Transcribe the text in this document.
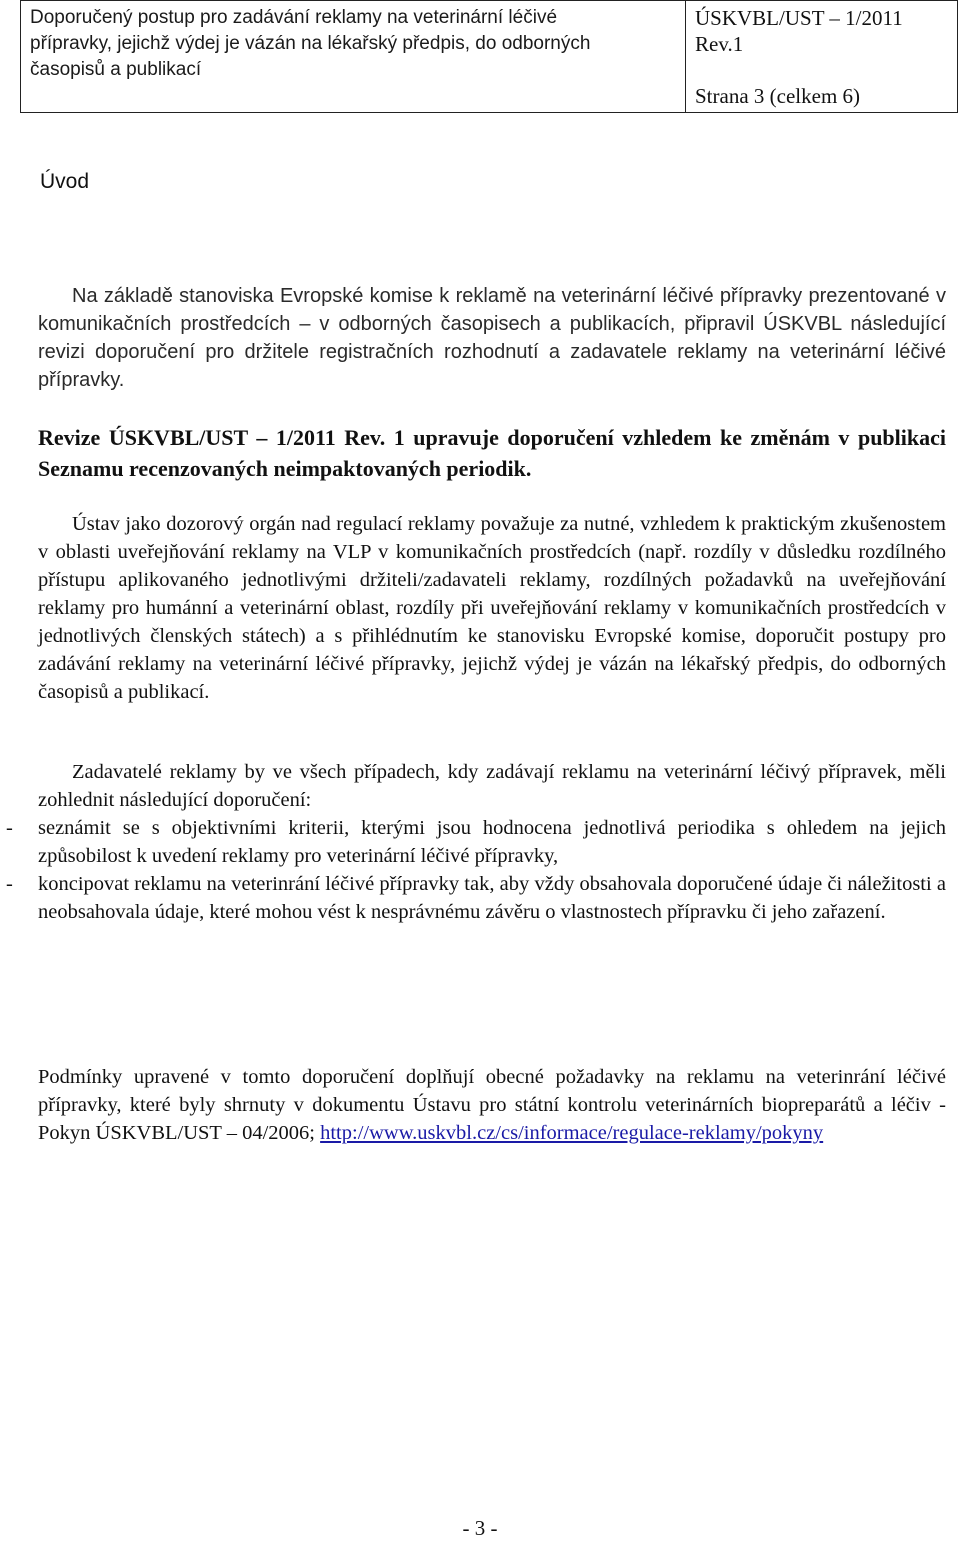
Doporučený postup pro zadávání reklamy na veterinární léčivé
přípravky, jejichž výdej je vázán na lékařský předpis, do odborných
časopisů a publikací
ÚSKVBL/UST – 1/2011
Rev.1
Strana 3 (celkem 6)
Úvod
Na základě stanoviska Evropské komise k reklamě na veterinární léčivé přípravky prezentované v komunikačních prostředcích – v odborných časopisech a publikacích, připravil ÚSKVBL následující revizi doporučení pro držitele registračních rozhodnutí a zadavatele reklamy na veterinární léčivé přípravky.
Revize ÚSKVBL/UST – 1/2011 Rev. 1 upravuje doporučení vzhledem ke změnám v publikaci Seznamu recenzovaných neimpaktovaných periodik.
Ústav jako dozorový orgán nad regulací reklamy považuje za nutné, vzhledem k praktickým zkušenostem v oblasti uveřejňování reklamy na VLP v komunikačních prostředcích (např. rozdíly v důsledku rozdílného přístupu aplikovaného jednotlivými držiteli/zadavateli reklamy, rozdílných požadavků na uveřejňování reklamy pro humánní a veterinární oblast, rozdíly při uveřejňování reklamy v komunikačních prostředcích v jednotlivých členských státech) a s přihlédnutím ke stanovisku Evropské komise, doporučit postupy pro zadávání reklamy na veterinární léčivé přípravky, jejichž výdej je vázán na lékařský předpis, do odborných časopisů a publikací.
Zadavatelé reklamy by ve všech případech, kdy zadávají reklamu na veterinární léčivý přípravek, měli zohlednit následující doporučení:
-	seznámit se s objektivními kriterii, kterými jsou hodnocena jednotlivá periodika s ohledem na jejich způsobilost k uvedení reklamy pro veterinární léčivé přípravky,
-	koncipovat reklamu na veterinrání léčivé přípravky tak, aby vždy obsahovala doporučené údaje či náležitosti a neobsahovala údaje, které mohou vést k nesprávnému závěru o vlastnostech přípravku či jeho zařazení.
Podmínky upravené v tomto doporučení doplňují obecné požadavky na reklamu na veterinrání léčivé přípravky, které byly shrnuty v dokumentu Ústavu pro státní kontrolu veterinárních biopreparátů a léčiv - Pokyn ÚSKVBL/UST – 04/2006; http://www.uskvbl.cz/cs/informace/regulace-reklamy/pokyny
- 3 -
